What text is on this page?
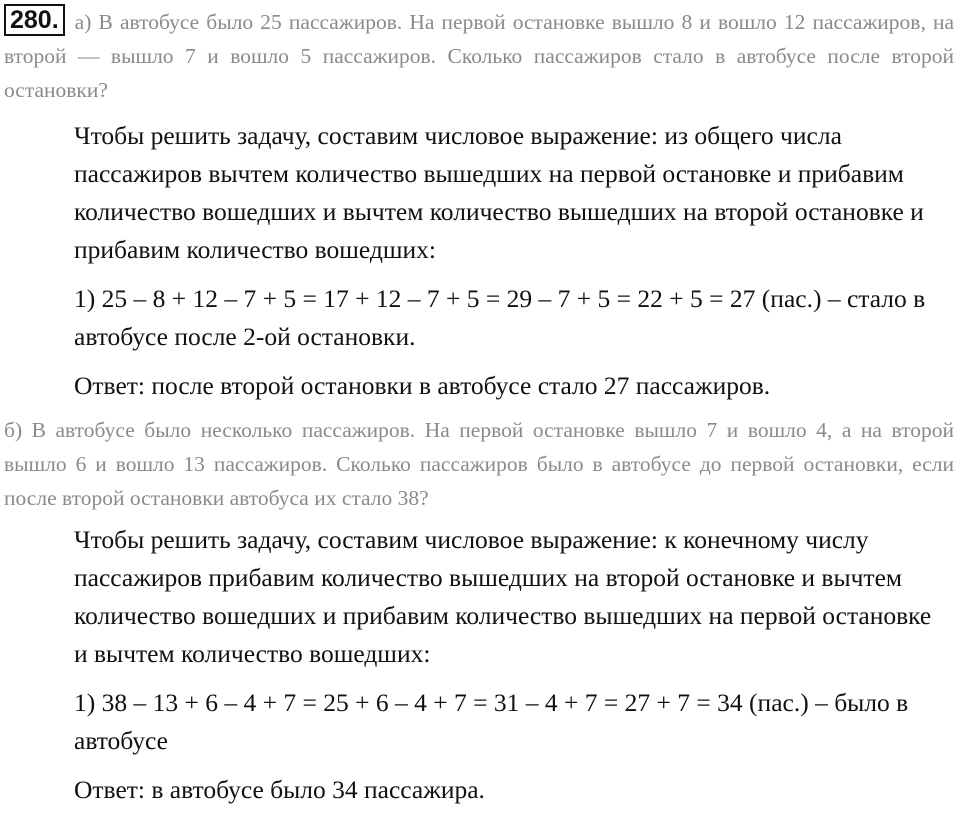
280. а) В автобусе было 25 пассажиров. На первой остановке вышло 8 и вошло 12 пассажиров, на второй — вышло 7 и вошло 5 пассажиров. Сколько пассажиров стало в автобусе после второй остановки?

Чтобы решить задачу, составим числовое выражение: из общего числа пассажиров вычтем количество вышедших на первой остановке и прибавим количество вошедших и вычтем количество вышедших на второй остановке и прибавим количество вошедших:

1) 25 – 8 + 12 – 7 + 5 = 17 + 12 – 7 + 5 = 29 – 7 + 5 = 22 + 5 = 27 (пас.) – стало в автобусе после 2-ой остановки.

Ответ: после второй остановки в автобусе стало 27 пассажиров.

б) В автобусе было несколько пассажиров. На первой остановке вышло 7 и вошло 4, а на второй вышло 6 и вошло 13 пассажиров. Сколько пассажиров было в автобусе до первой остановки, если после второй остановки автобуса их стало 38?

Чтобы решить задачу, составим числовое выражение: к конечному числу пассажиров прибавим количество вышедших на второй остановке и вычтем количество вошедших и прибавим количество вышедших на первой остановке и вычтем количество вошедших:

1) 38 – 13 + 6 – 4 + 7 = 25 + 6 – 4 + 7 = 31 – 4 + 7 = 27 + 7 = 34 (пас.) – было в автобусе

Ответ: в автобусе было 34 пассажира.
